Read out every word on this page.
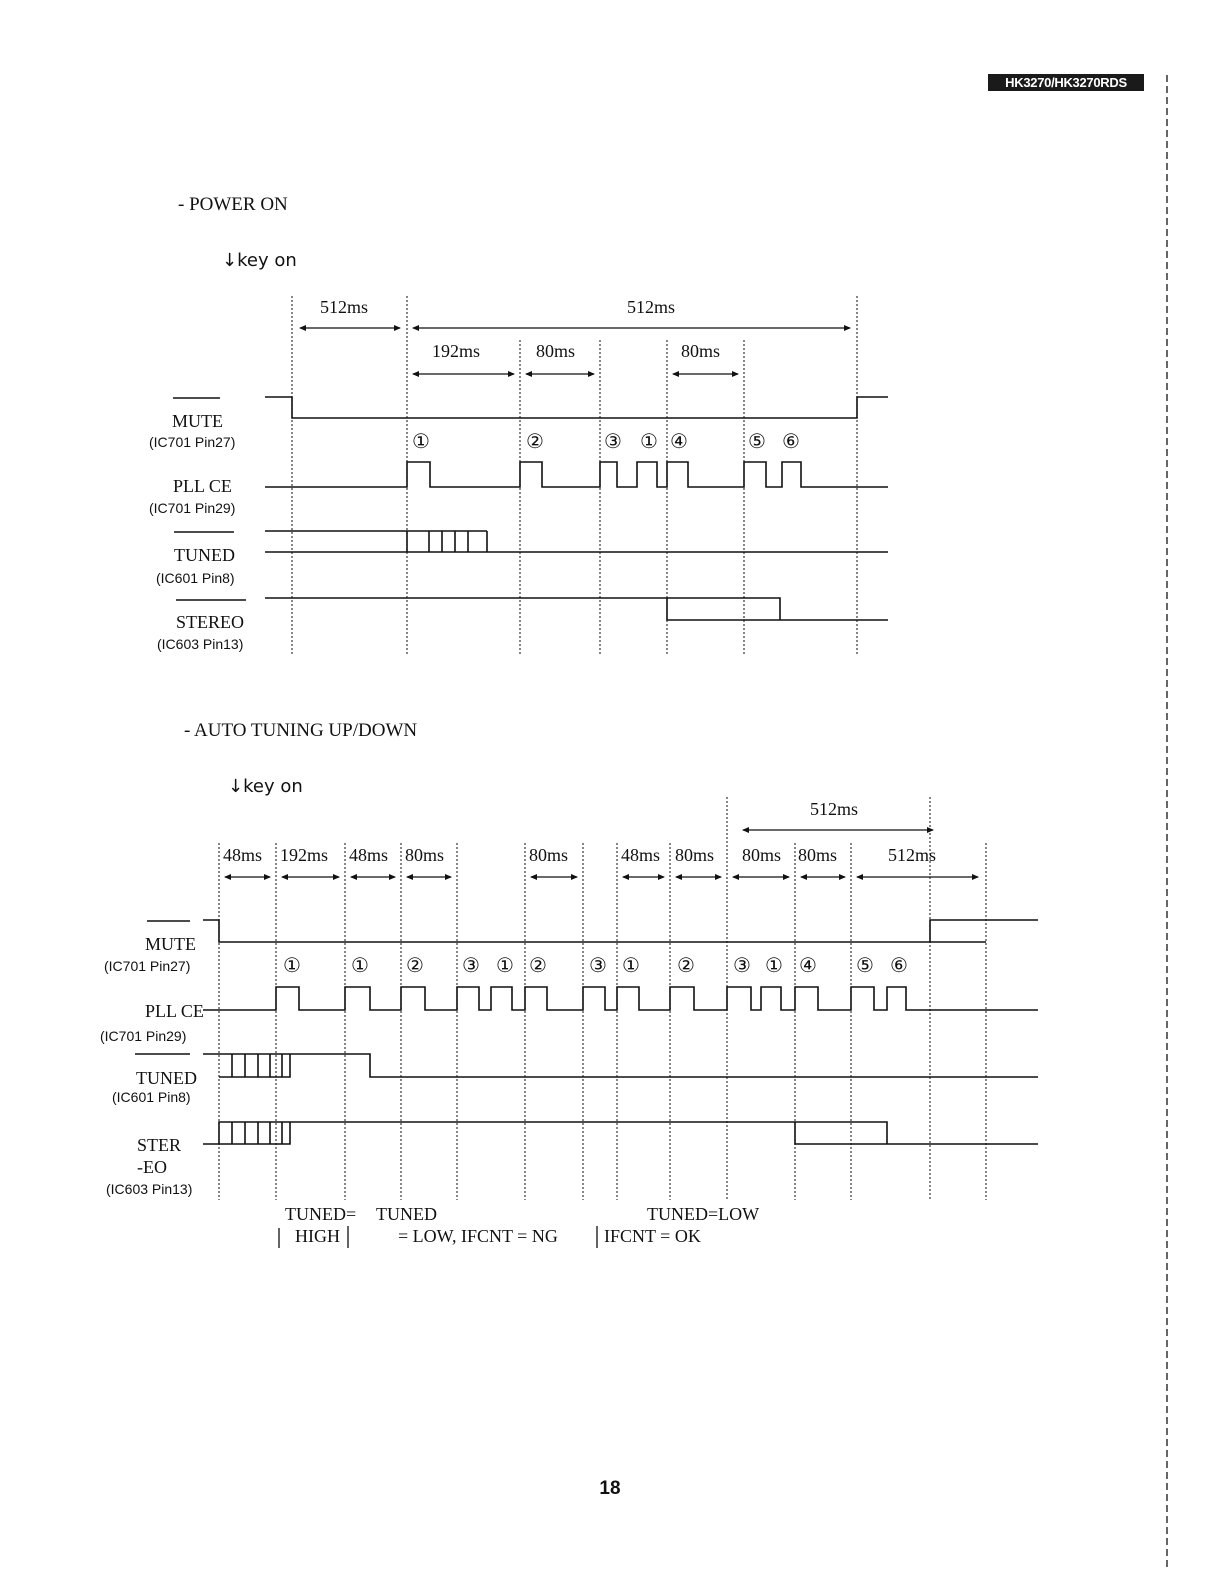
HK3270/HK3270RDS
- POWER ON
↓key on
- AUTO TUNING UP/DOWN
↓key on
512ms	512ms
192ms	80ms	80ms
MUTE
(IC701 Pin27)
PLL CE
(IC701 Pin29)
TUNED
(IC601 Pin8)
STEREO
(IC603 Pin13)
①	②	③ ① ④	⑤ ⑥
512ms
48ms 192ms 48ms 80ms	80ms	48ms 80ms 80ms 80ms	512ms
MUTE
(IC701 Pin27)
PLL CE
(IC701 Pin29)
TUNED
(IC601 Pin8)
STER
-EO
(IC603 Pin13)
①	① ② ③ ① ② ③ ① ② ③ ① ④ ⑤ ⑥
TUNED=
HIGH
TUNED
= LOW, IFCNT = NG
TUNED=LOW
IFCNT = OK
18
